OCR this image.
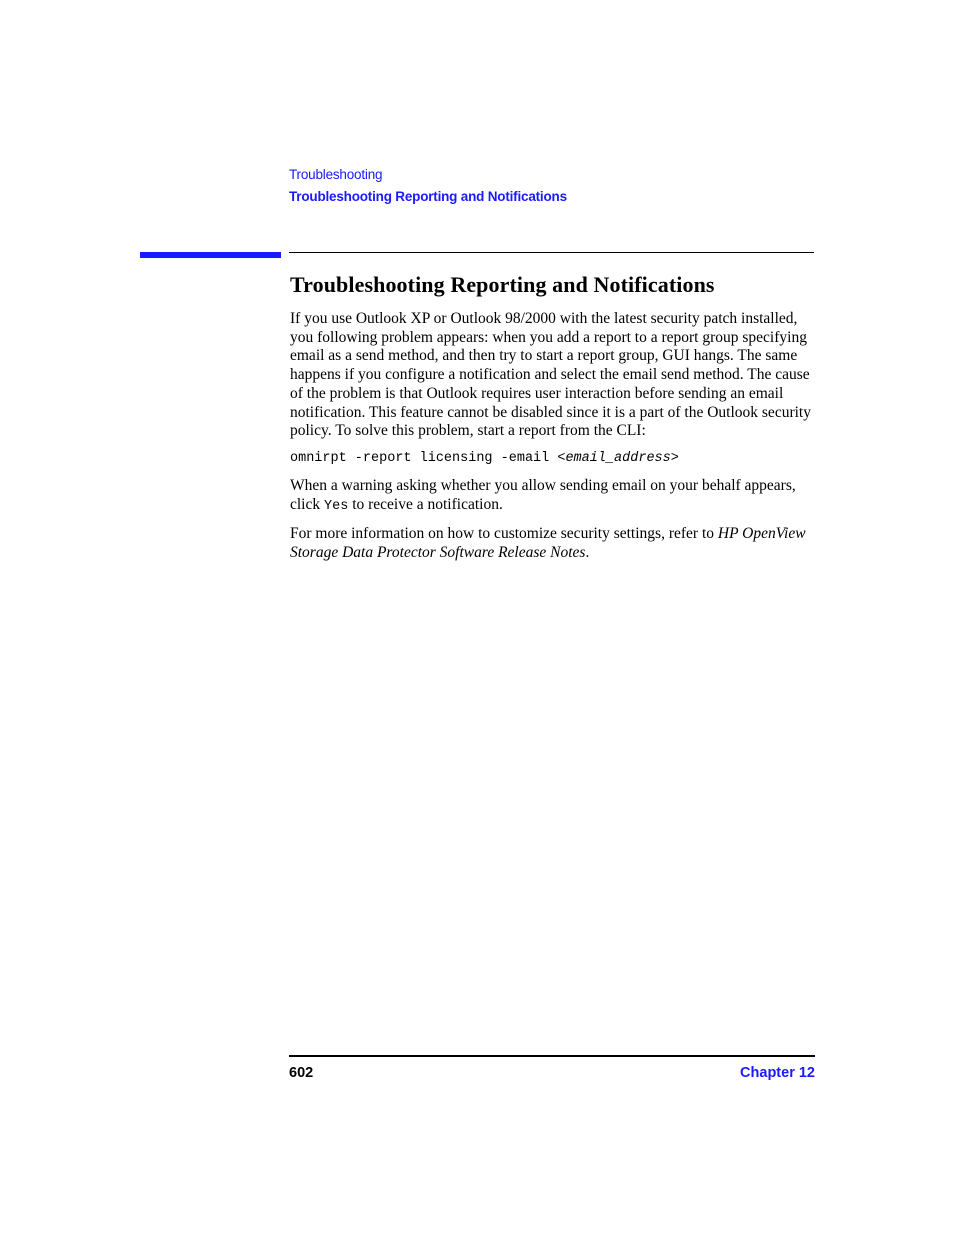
Troubleshooting
Troubleshooting Reporting and Notifications
Troubleshooting Reporting and Notifications

If you use Outlook XP or Outlook 98/2000 with the latest security patch installed, you following problem appears: when you add a report to a report group specifying email as a send method, and then try to start a report group, GUI hangs. The same happens if you configure a notification and select the email send method. The cause of the problem is that Outlook requires user interaction before sending an email notification. This feature cannot be disabled since it is a part of the Outlook security policy. To solve this problem, start a report from the CLI:

omnirpt -report licensing -email <email_address>

When a warning asking whether you allow sending email on your behalf appears, click Yes to receive a notification.

For more information on how to customize security settings, refer to HP OpenView Storage Data Protector Software Release Notes.

602	Chapter 12
